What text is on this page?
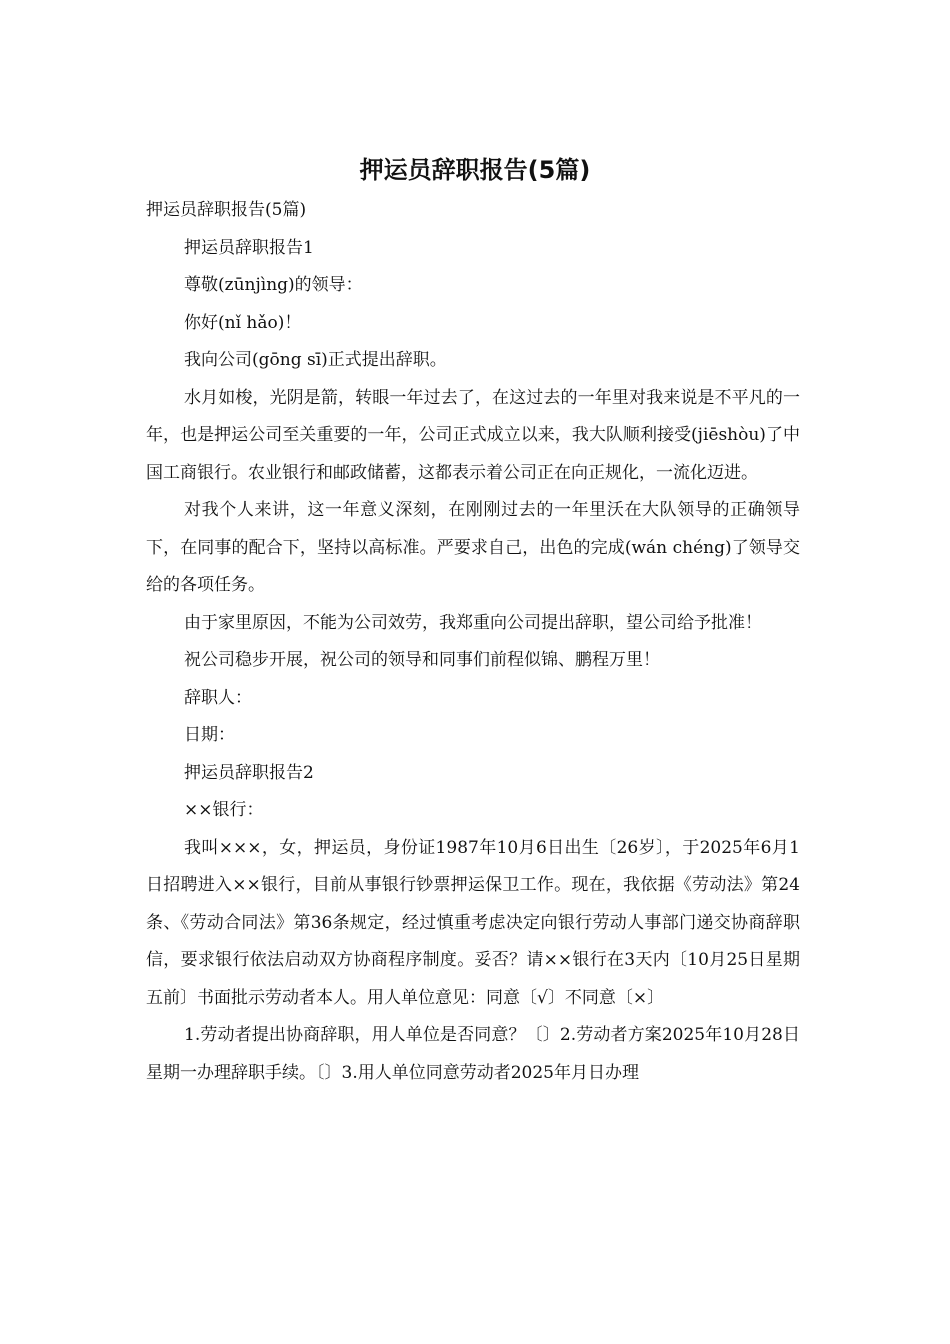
押运员辞职报告(5篇)

押运员辞职报告(5篇)

押运员辞职报告1

尊敬(zūnjìng)的领导：

你好(nǐ hǎo)！

我向公司(gōng sī)正式提出辞职。

水月如梭，光阴是箭，转眼一年过去了，在这过去的一年里对我来说是不平凡的一年，也是押运公司至关重要的一年，公司正式成立以来，我大队顺利接受(jiēshòu)了中国工商银行。农业银行和邮政储蓄，这都表示着公司正在向正规化，一流化迈进。

对我个人来讲，这一年意义深刻，在刚刚过去的一年里沃在大队领导的正确领导下，在同事的配合下，坚持以高标准。严要求自己，出色的完成(wán chéng)了领导交给的各项任务。

由于家里原因，不能为公司效劳，我郑重向公司提出辞职，望公司给予批准！

祝公司稳步开展，祝公司的领导和同事们前程似锦、鹏程万里！

辞职人：

日期：

押运员辞职报告2

××银行：

我叫×××，女，押运员，身份证1987年10月6日出生〔26岁〕，于2025年6月1日招聘进入××银行，目前从事银行钞票押运保卫工作。现在，我依据《劳动法》第24条、《劳动合同法》第36条规定，经过慎重考虑决定向银行劳动人事部门递交协商辞职信，要求银行依法启动双方协商程序制度。妥否？请××银行在3天内〔10月25日星期五前〕书面批示劳动者本人。用人单位意见：同意〔√〕不同意〔×〕

1.劳动者提出协商辞职，用人单位是否同意？〔〕2.劳动者方案2025年10月28日星期一办理辞职手续。〔〕3.用人单位同意劳动者2025年月日办理
